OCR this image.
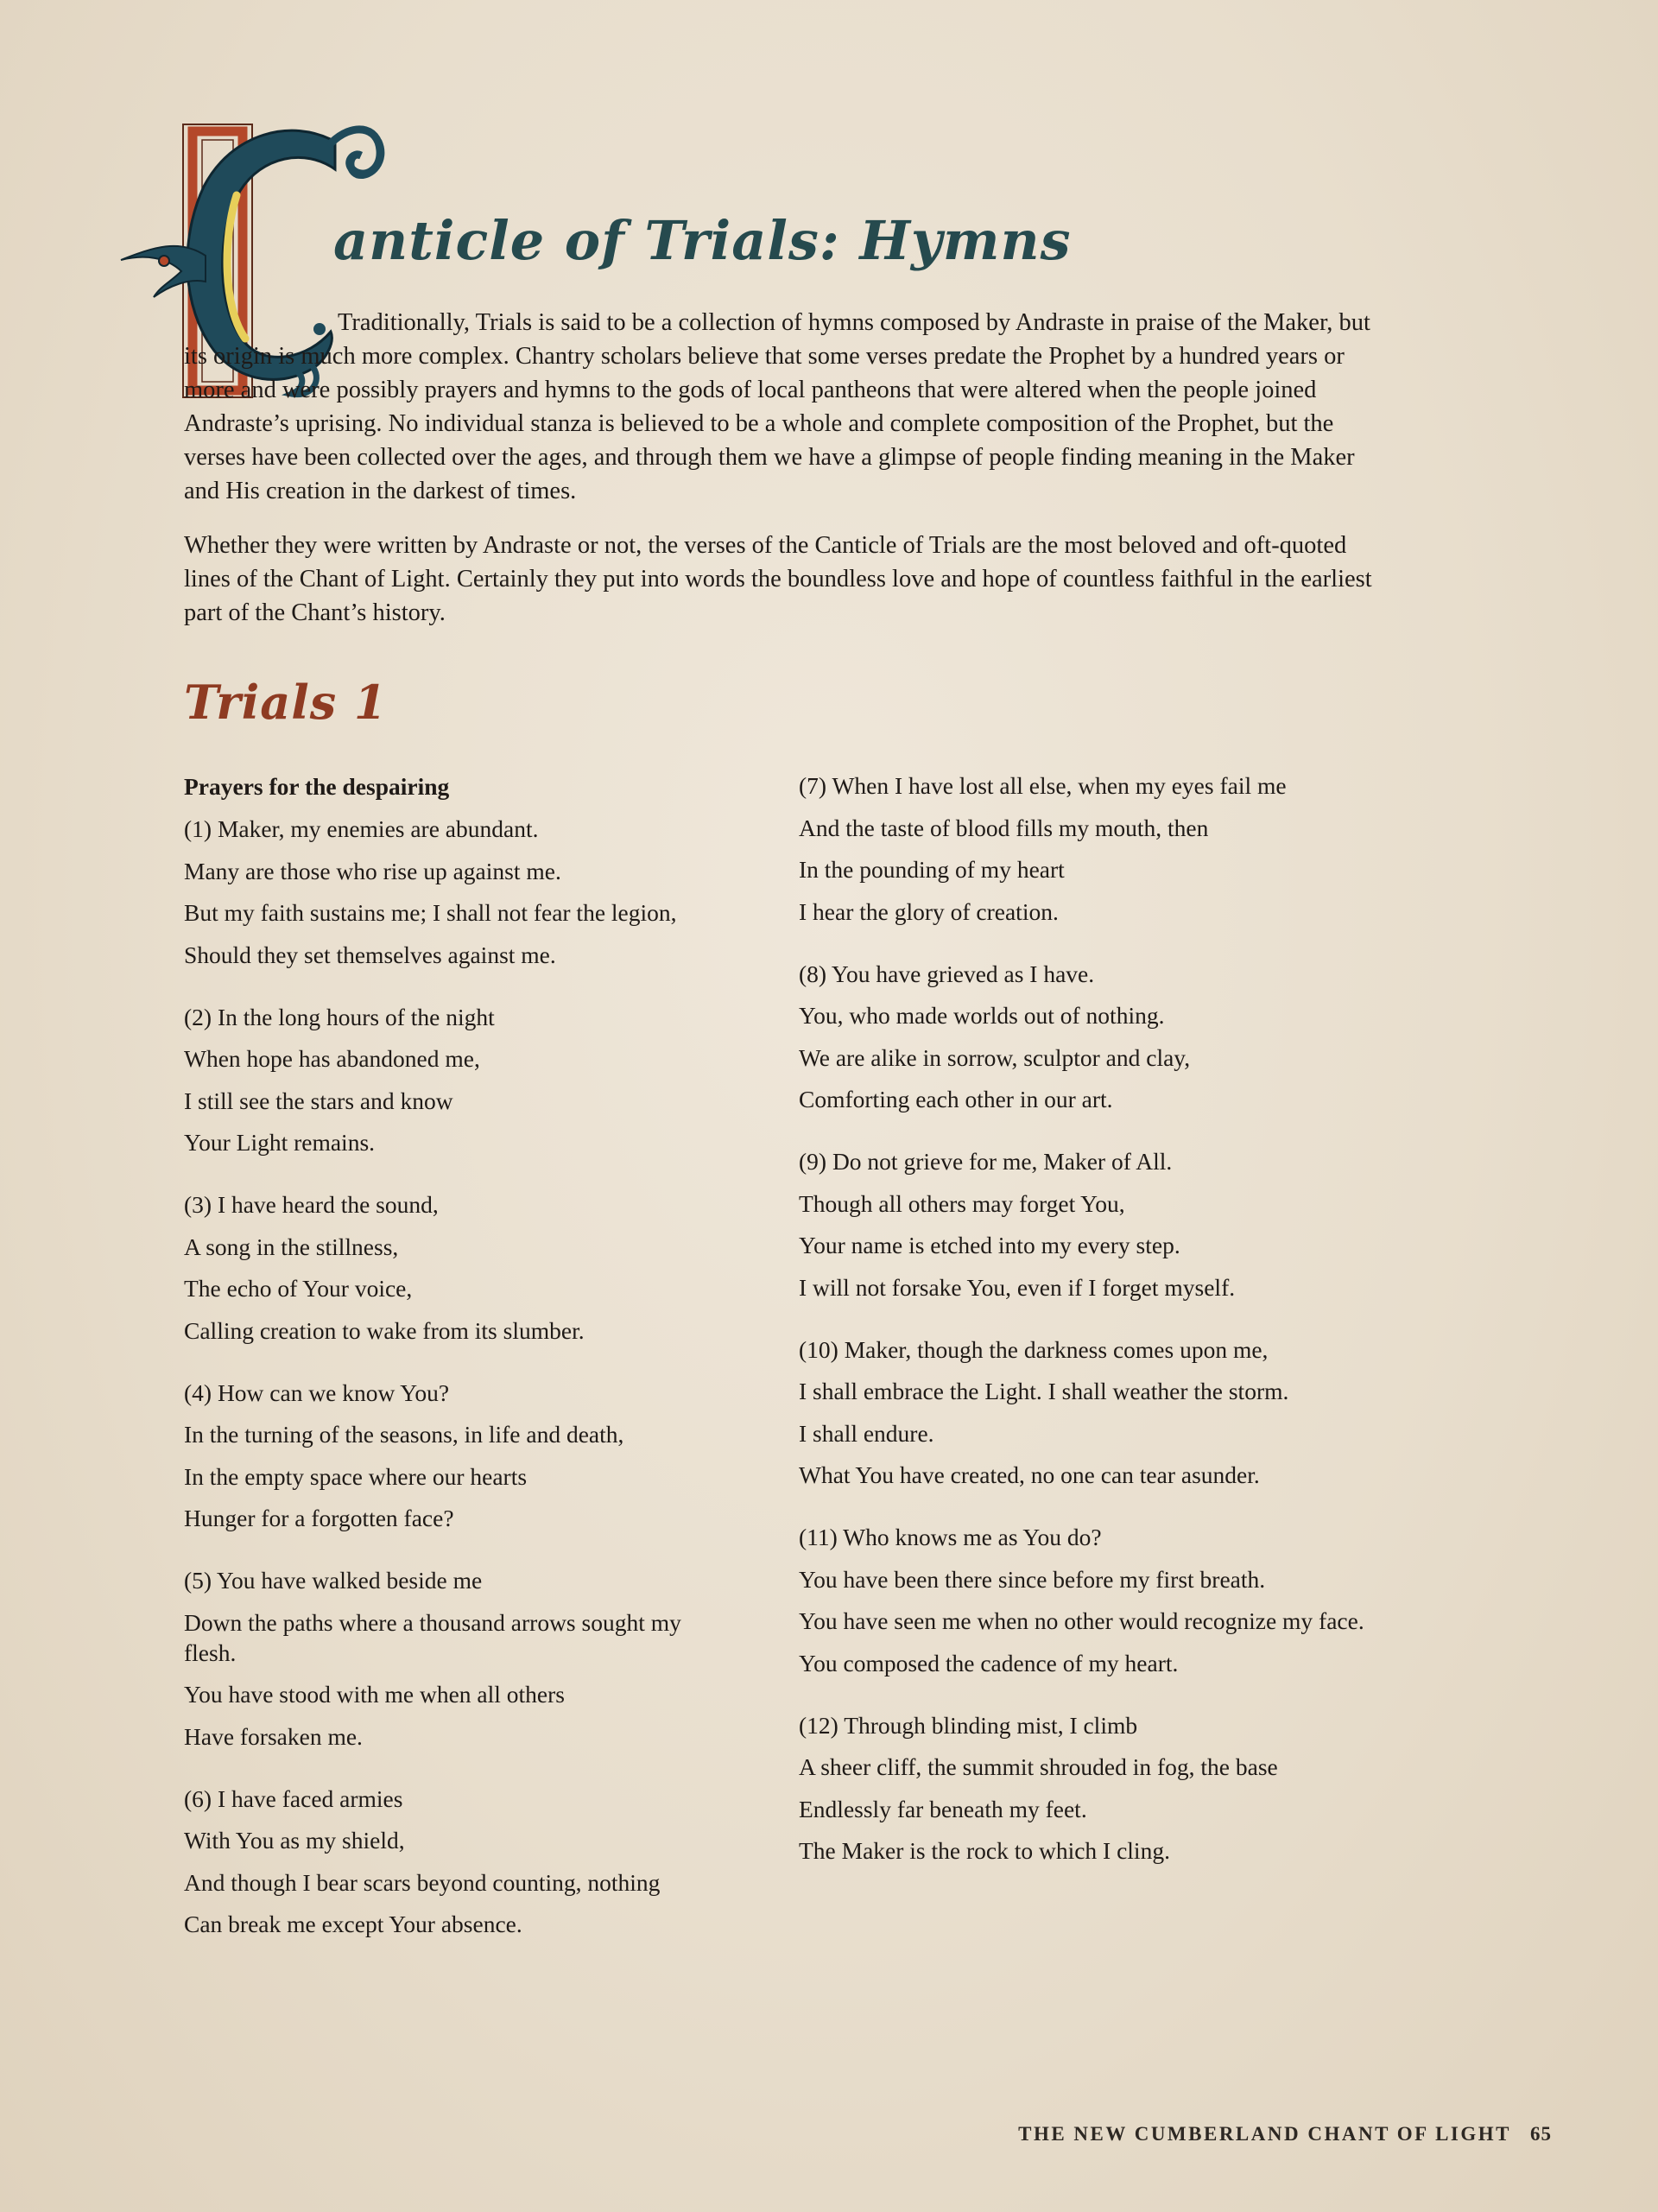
anticle of Trials: Hymns

Traditionally, Trials is said to be a collection of hymns composed by Andraste in praise of the Maker, but its origin is much more complex. Chantry scholars believe that some verses predate the Prophet by a hundred years or more and were possibly prayers and hymns to the gods of local pantheons that were altered when the people joined Andraste’s uprising. No individual stanza is believed to be a whole and complete composition of the Prophet, but the verses have been collected over the ages, and through them we have a glimpse of people finding meaning in the Maker and His creation in the darkest of times.

Whether they were written by Andraste or not, the verses of the Canticle of Trials are the most beloved and oft-quoted lines of the Chant of Light. Certainly they put into words the boundless love and hope of countless faithful in the earliest part of the Chant’s history.

Trials 1
Prayers for the despairing
(1) Maker, my enemies are abundant.
Many are those who rise up against me.
But my faith sustains me; I shall not fear the legion,
Should they set themselves against me.
(2) In the long hours of the night
When hope has abandoned me,
I still see the stars and know
Your Light remains.
(3) I have heard the sound,
A song in the stillness,
The echo of Your voice,
Calling creation to wake from its slumber.
(4) How can we know You?
In the turning of the seasons, in life and death,
In the empty space where our hearts
Hunger for a forgotten face?
(5) You have walked beside me
Down the paths where a thousand arrows sought my flesh.
You have stood with me when all others
Have forsaken me.
(6) I have faced armies
With You as my shield,
And though I bear scars beyond counting, nothing
Can break me except Your absence.
(7) When I have lost all else, when my eyes fail me
And the taste of blood fills my mouth, then
In the pounding of my heart
I hear the glory of creation.
(8) You have grieved as I have.
You, who made worlds out of nothing.
We are alike in sorrow, sculptor and clay,
Comforting each other in our art.
(9) Do not grieve for me, Maker of All.
Though all others may forget You,
Your name is etched into my every step.
I will not forsake You, even if I forget myself.
(10) Maker, though the darkness comes upon me,
I shall embrace the Light. I shall weather the storm.
I shall endure.
What You have created, no one can tear asunder.
(11) Who knows me as You do?
You have been there since before my first breath.
You have seen me when no other would recognize my face.
You composed the cadence of my heart.
(12) Through blinding mist, I climb
A sheer cliff, the summit shrouded in fog, the base
Endlessly far beneath my feet.
The Maker is the rock to which I cling.
THE NEW CUMBERLAND CHANT OF LIGHT 65
